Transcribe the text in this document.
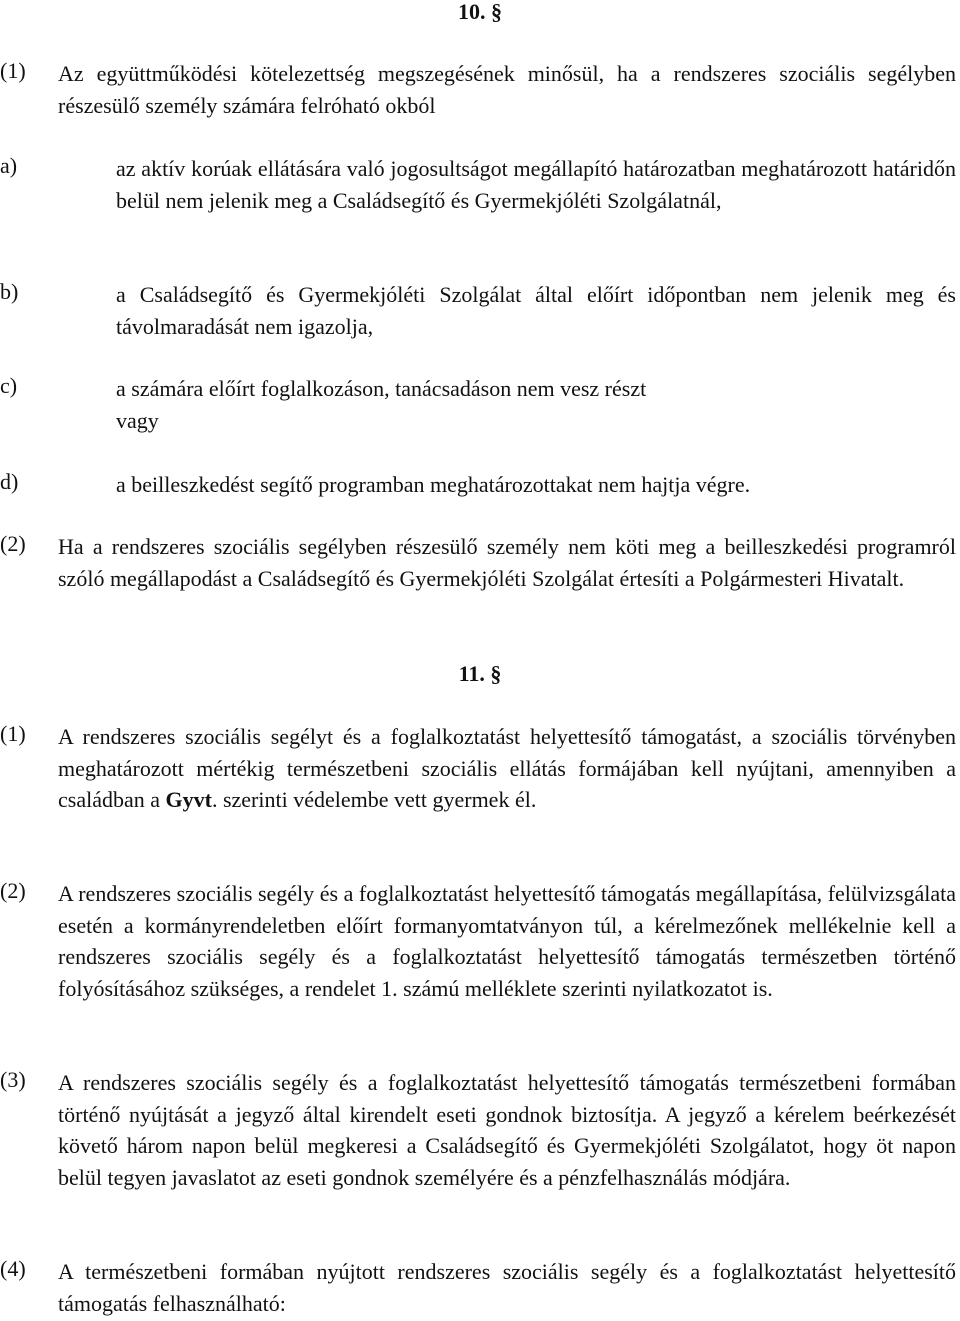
10. §
(1) Az együttműködési kötelezettség megszegésének minősül, ha a rendszeres szociális segélyben részesülő személy számára felróható okból
a)	az aktív korúak ellátására való jogosultságot megállapító határozatban meghatározott határidőn belül nem jelenik meg a Családsegítő és Gyermekjóléti Szolgálatnál,
b)	a Családsegítő és Gyermekjóléti Szolgálat által előírt időpontban nem jelenik meg és távolmaradását nem igazolja,
c)	a számára előírt foglalkozáson, tanácsadáson nem vesz részt
vagy
d)	a beilleszkedést segítő programban meghatározottakat nem hajtja végre.
(2) Ha a rendszeres szociális segélyben részesülő személy nem köti meg a beilleszkedési programról szóló megállapodást a Családsegítő és Gyermekjóléti Szolgálat értesíti a Polgármesteri Hivatalt.
11. §
(1) A rendszeres szociális segélyt és a foglalkoztatást helyettesítő támogatást, a szociális törvényben meghatározott mértékig természetbeni szociális ellátás formájában kell nyújtani, amennyiben a családban a Gyvt. szerinti védelembe vett gyermek él.
(2) A rendszeres szociális segély és a foglalkoztatást helyettesítő támogatás megállapítása, felülvizsgálata esetén a kormányrendeletben előírt formanyomtatványon túl, a kérelmezőnek mellékelnie kell a rendszeres szociális segély és a foglalkoztatást helyettesítő támogatás természetben történő folyósításához szükséges, a rendelet 1. számú melléklete szerinti nyilatkozatot is.
(3) A rendszeres szociális segély és a foglalkoztatást helyettesítő támogatás természetbeni formában történő nyújtását a jegyző által kirendelt eseti gondnok biztosítja. A jegyző a kérelem beérkezését követő három napon belül megkeresi a Családsegítő és Gyermekjóléti Szolgálatot, hogy öt napon belül tegyen javaslatot az eseti gondnok személyére és a pénzfelhasználás módjára.
(4) A természetbeni formában nyújtott rendszeres szociális segély és a foglalkoztatást helyettesítő támogatás felhasználható:
